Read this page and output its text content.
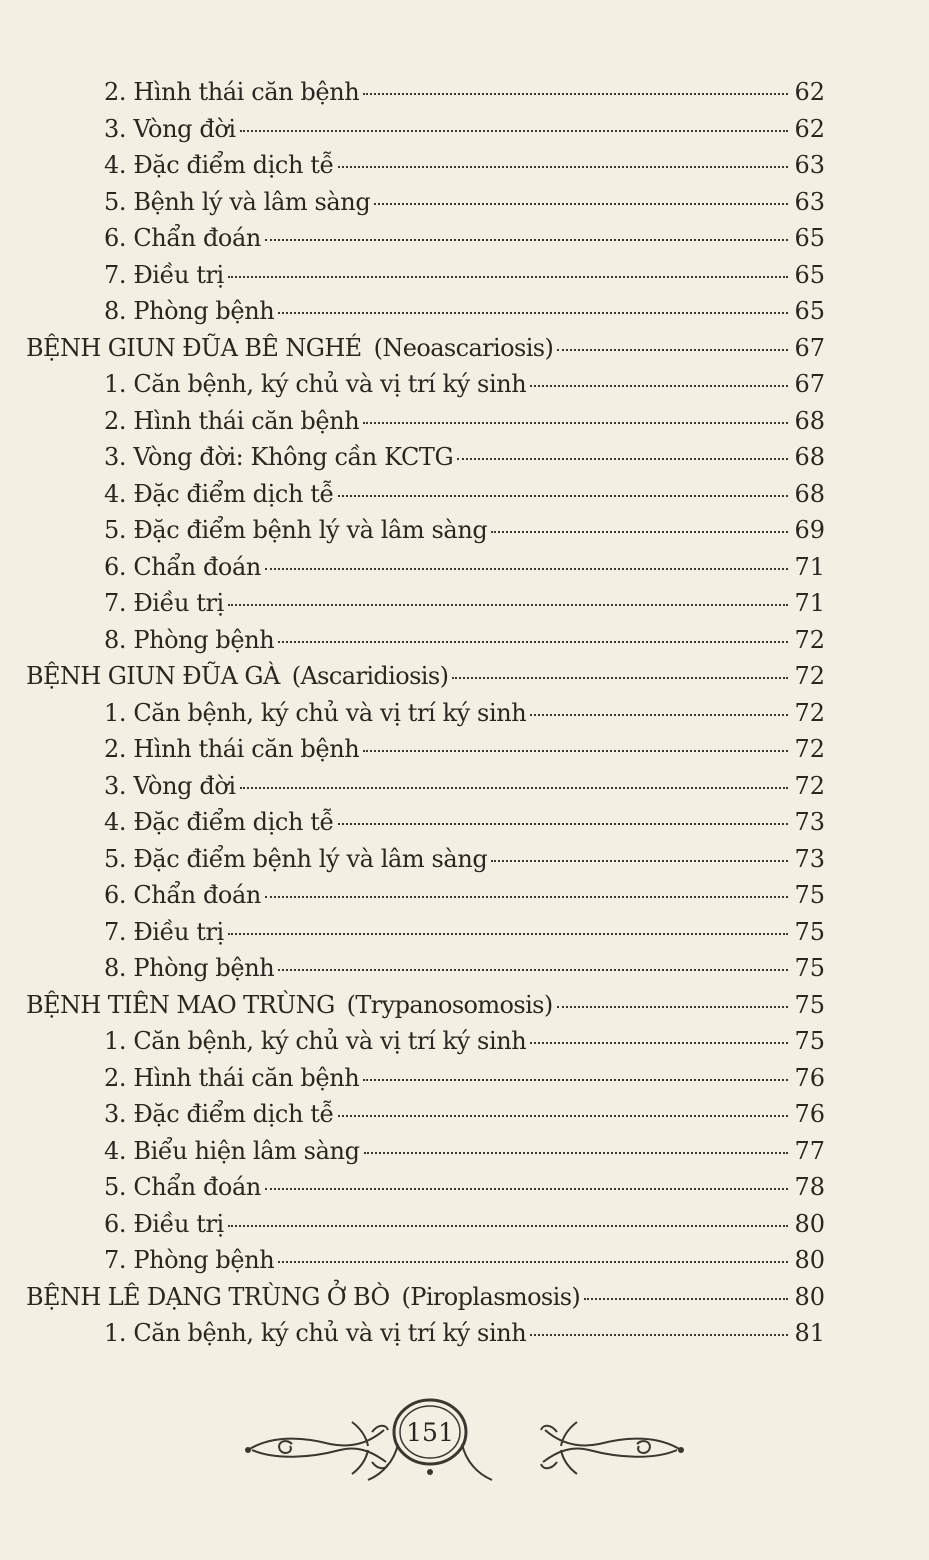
2. Hình thái căn bệnh	62
3. Vòng đời	62
4. Đặc điểm dịch tễ	63
5. Bệnh lý và lâm sàng	63
6. Chẩn đoán	65
7. Điều trị	65
8. Phòng bệnh	65
BỆNH GIUN ĐŨA BÊ NGHÉ (Neoascariosis)	67
1. Căn bệnh, ký chủ và vị trí ký sinh	67
2. Hình thái căn bệnh	68
3. Vòng đời: Không cần KCTG	68
4. Đặc điểm dịch tễ	68
5. Đặc điểm bệnh lý và lâm sàng	69
6. Chẩn đoán	71
7. Điều trị	71
8. Phòng bệnh	72
BỆNH GIUN ĐŨA GÀ (Ascaridiosis)	72
1. Căn bệnh, ký chủ và vị trí ký sinh	72
2. Hình thái căn bệnh	72
3. Vòng đời	72
4. Đặc điểm dịch tễ	73
5. Đặc điểm bệnh lý và lâm sàng	73
6. Chẩn đoán	75
7. Điều trị	75
8. Phòng bệnh	75
BỆNH TIÊN MAO TRÙNG (Trypanosomosis)	75
1. Căn bệnh, ký chủ và vị trí ký sinh	75
2. Hình thái căn bệnh	76
3. Đặc điểm dịch tễ	76
4. Biểu hiện lâm sàng	77
5. Chẩn đoán	78
6. Điều trị	80
7. Phòng bệnh	80
BỆNH LÊ DẠNG TRÙNG Ở BÒ (Piroplasmosis)	80
1. Căn bệnh, ký chủ và vị trí ký sinh	81
151
